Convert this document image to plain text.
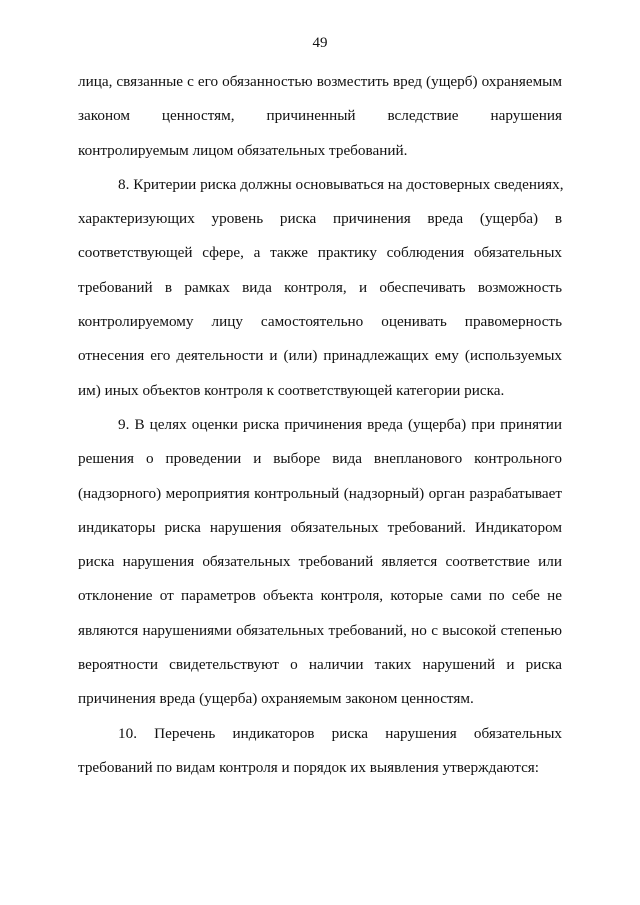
49

лица, связанные с его обязанностью возместить вред (ущерб) охраняемым
законом ценностям, причиненный вследствие нарушения
контролируемым лицом обязательных требований.

8. Критерии риска должны основываться на достоверных сведениях,
характеризующих уровень риска причинения вреда (ущерба) в
соответствующей сфере, а также практику соблюдения обязательных
требований в рамках вида контроля, и обеспечивать возможность
контролируемому лицу самостоятельно оценивать правомерность
отнесения его деятельности и (или) принадлежащих ему (используемых
им) иных объектов контроля к соответствующей категории риска.

9. В целях оценки риска причинения вреда (ущерба) при принятии
решения о проведении и выборе вида внепланового контрольного
(надзорного) мероприятия контрольный (надзорный) орган разрабатывает
индикаторы риска нарушения обязательных требований. Индикатором
риска нарушения обязательных требований является соответствие или
отклонение от параметров объекта контроля, которые сами по себе не
являются нарушениями обязательных требований, но с высокой степенью
вероятности свидетельствуют о наличии таких нарушений и риска
причинения вреда (ущерба) охраняемым законом ценностям.

10. Перечень индикаторов риска нарушения обязательных
требований по видам контроля и порядок их выявления утверждаются:
